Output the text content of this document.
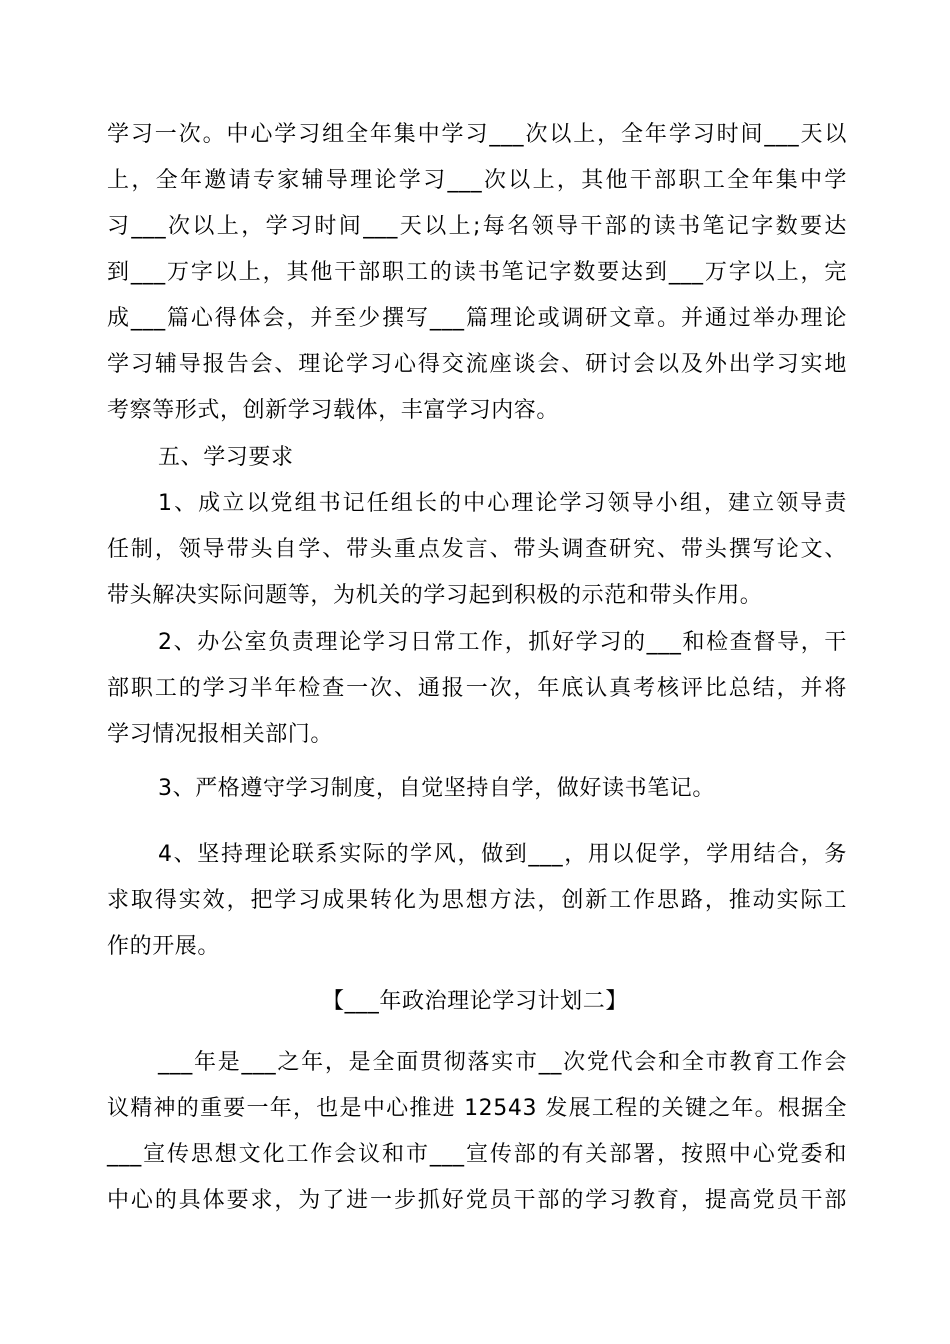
学习一次。中心学习组全年集中学习___次以上，全年学习时间___天以
上，全年邀请专家辅导理论学习___次以上，其他干部职工全年集中学
习___次以上，学习时间___天以上;每名领导干部的读书笔记字数要达
到___万字以上，其他干部职工的读书笔记字数要达到___万字以上，完
成___篇心得体会，并至少撰写___篇理论或调研文章。并通过举办理论
学习辅导报告会、理论学习心得交流座谈会、研讨会以及外出学习实地
考察等形式，创新学习载体，丰富学习内容。
五、学习要求
1、成立以党组书记任组长的中心理论学习领导小组，建立领导责
任制，领导带头自学、带头重点发言、带头调查研究、带头撰写论文、
带头解决实际问题等，为机关的学习起到积极的示范和带头作用。
2、办公室负责理论学习日常工作，抓好学习的___和检查督导，干
部职工的学习半年检查一次、通报一次，年底认真考核评比总结，并将
学习情况报相关部门。
3、严格遵守学习制度，自觉坚持自学，做好读书笔记。
4、坚持理论联系实际的学风，做到___，用以促学，学用结合，务
求取得实效，把学习成果转化为思想方法，创新工作思路，推动实际工
作的开展。
【___年政治理论学习计划二】
___年是___之年，是全面贯彻落实市__次党代会和全市教育工作会
议精神的重要一年，也是中心推进 12543 发展工程的关键之年。根据全
___宣传思想文化工作会议和市___宣传部的有关部署，按照中心党委和
中心的具体要求，为了进一步抓好党员干部的学习教育，提高党员干部
